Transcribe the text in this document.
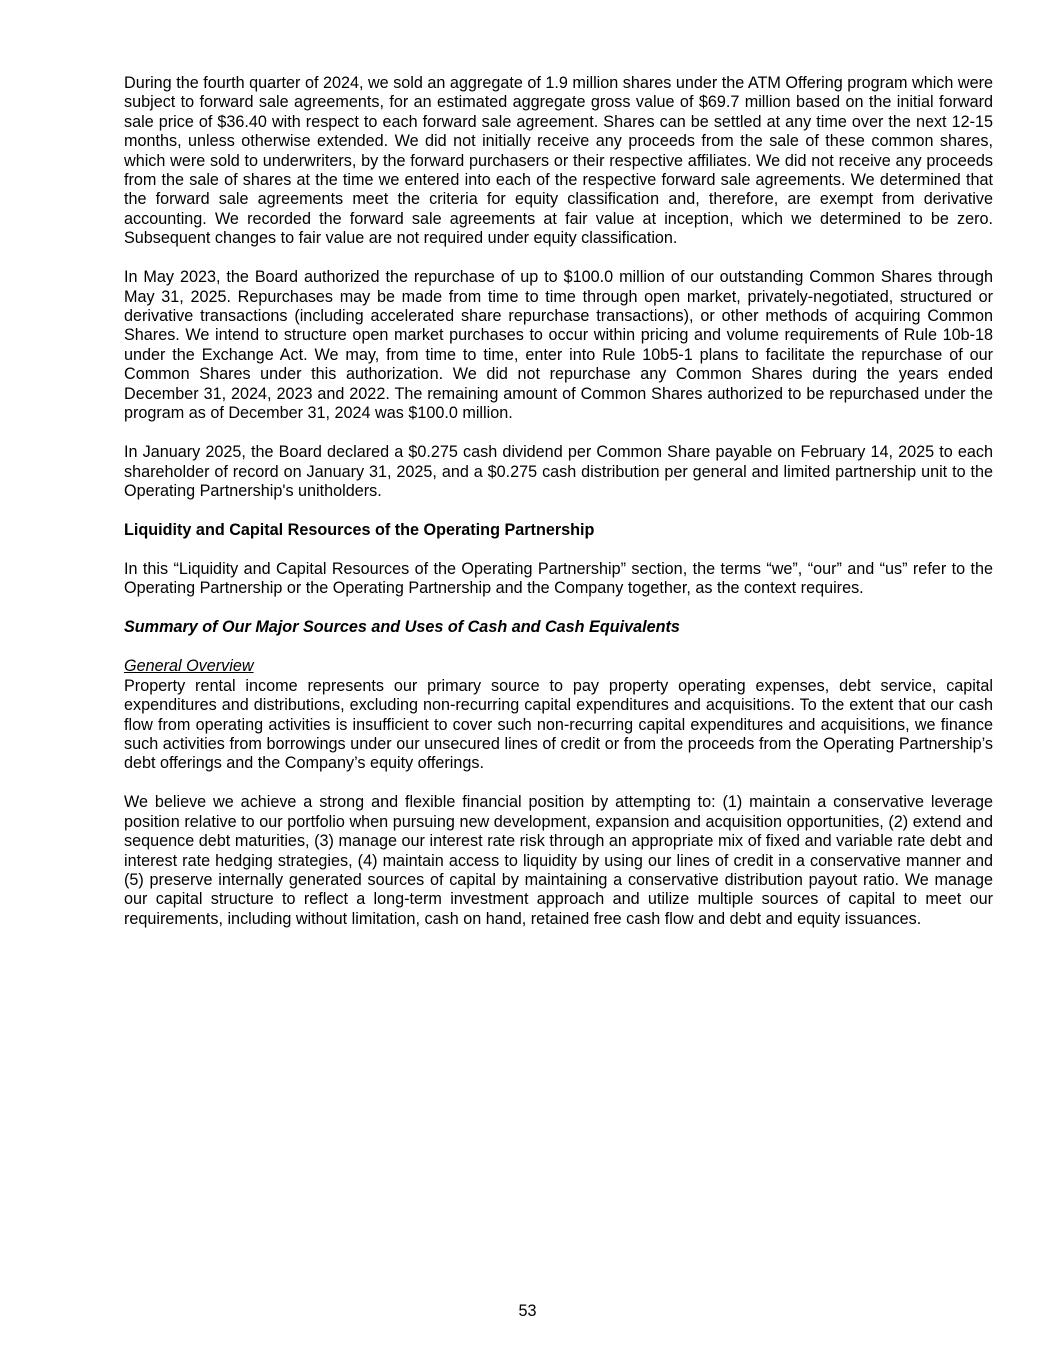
During the fourth quarter of 2024, we sold an aggregate of 1.9 million shares under the ATM Offering program which were subject to forward sale agreements, for an estimated aggregate gross value of $69.7 million based on the initial forward sale price of $36.40 with respect to each forward sale agreement. Shares can be settled at any time over the next 12-15 months, unless otherwise extended. We did not initially receive any proceeds from the sale of these common shares, which were sold to underwriters, by the forward purchasers or their respective affiliates. We did not receive any proceeds from the sale of shares at the time we entered into each of the respective forward sale agreements. We determined that the forward sale agreements meet the criteria for equity classification and, therefore, are exempt from derivative accounting. We recorded the forward sale agreements at fair value at inception, which we determined to be zero. Subsequent changes to fair value are not required under equity classification.

In May 2023, the Board authorized the repurchase of up to $100.0 million of our outstanding Common Shares through May 31, 2025. Repurchases may be made from time to time through open market, privately-negotiated, structured or derivative transactions (including accelerated share repurchase transactions), or other methods of acquiring Common Shares. We intend to structure open market purchases to occur within pricing and volume requirements of Rule 10b-18 under the Exchange Act. We may, from time to time, enter into Rule 10b5-1 plans to facilitate the repurchase of our Common Shares under this authorization. We did not repurchase any Common Shares during the years ended December 31, 2024, 2023 and 2022. The remaining amount of Common Shares authorized to be repurchased under the program as of December 31, 2024 was $100.0 million.

In January 2025, the Board declared a $0.275 cash dividend per Common Share payable on February 14, 2025 to each shareholder of record on January 31, 2025, and a $0.275 cash distribution per general and limited partnership unit to the Operating Partnership's unitholders.

Liquidity and Capital Resources of the Operating Partnership

In this “Liquidity and Capital Resources of the Operating Partnership” section, the terms “we”, “our” and “us” refer to the Operating Partnership or the Operating Partnership and the Company together, as the context requires.

Summary of Our Major Sources and Uses of Cash and Cash Equivalents

General Overview

Property rental income represents our primary source to pay property operating expenses, debt service, capital expenditures and distributions, excluding non-recurring capital expenditures and acquisitions. To the extent that our cash flow from operating activities is insufficient to cover such non-recurring capital expenditures and acquisitions, we finance such activities from borrowings under our unsecured lines of credit or from the proceeds from the Operating Partnership’s debt offerings and the Company’s equity offerings.

We believe we achieve a strong and flexible financial position by attempting to: (1) maintain a conservative leverage position relative to our portfolio when pursuing new development, expansion and acquisition opportunities, (2) extend and sequence debt maturities, (3) manage our interest rate risk through an appropriate mix of fixed and variable rate debt and interest rate hedging strategies, (4) maintain access to liquidity by using our lines of credit in a conservative manner and (5) preserve internally generated sources of capital by maintaining a conservative distribution payout ratio. We manage our capital structure to reflect a long-term investment approach and utilize multiple sources of capital to meet our requirements, including without limitation, cash on hand, retained free cash flow and debt and equity issuances.

53
